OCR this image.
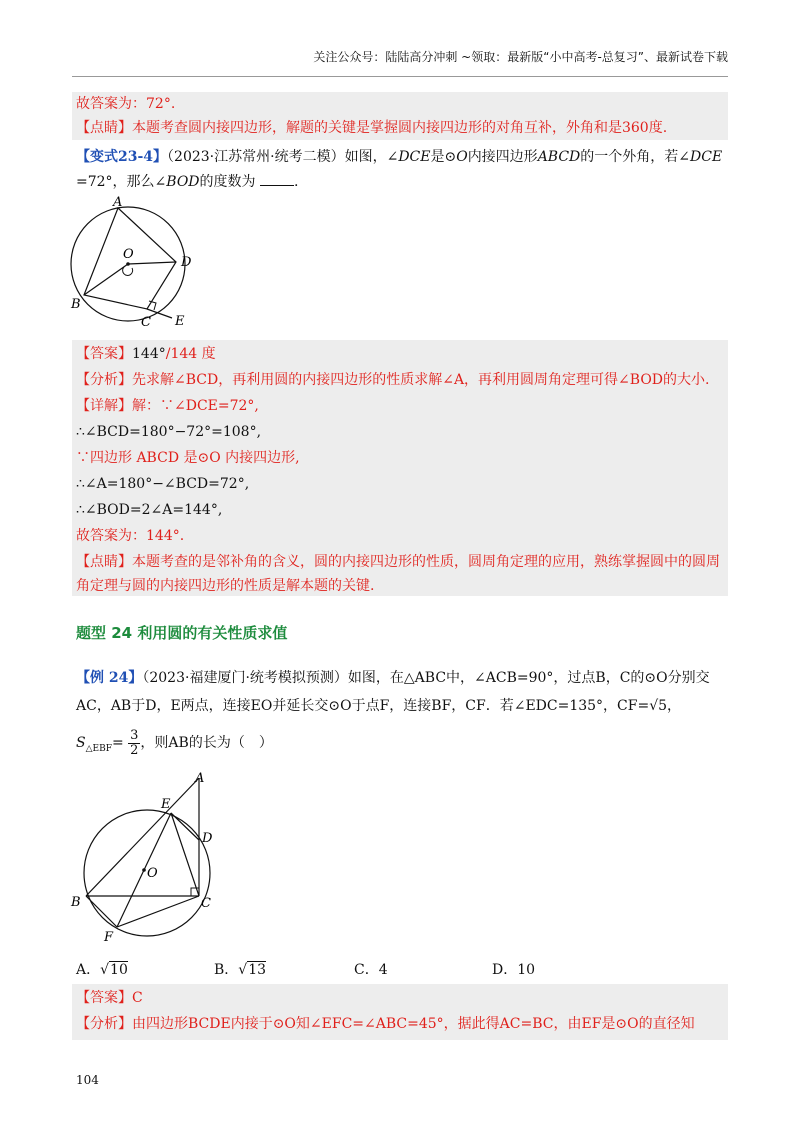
关注公众号：陆陆高分冲刺 ~领取：最新版“小中高考-总复习”、最新试卷下载
故答案为：72°.
【点睛】本题考查圆内接四边形，解题的关键是掌握圆内接四边形的对角互补，外角和是360度.
【变式23-4】（2023·江苏常州·统考二模）如图，∠DCE是⊙O内接四边形ABCD的一个外角，若∠DCE
=72°，那么∠BOD的度数为	.
A
O
D
B
C E
【答案】144°/144 度
【分析】先求解∠BCD，再利用圆的内接四边形的性质求解∠A，再利用圆周角定理可得∠BOD的大小.
【详解】解：∵∠DCE=72°,
∴∠BCD=180°−72°=108°,
∵四边形 ABCD 是⊙O 内接四边形,
∴∠A=180°−∠BCD=72°,
∴∠BOD=2∠A=144°,
故答案为：144°.
【点睛】本题考查的是邻补角的含义，圆的内接四边形的性质，圆周角定理的应用，熟练掌握圆中的圆周
角定理与圆的内接四边形的性质是解本题的关键.
题型 24 利用圆的有关性质求值
【例 24】（2023·福建厦门·统考模拟预测）如图，在△ABC中，∠ACB=90°，过点B，C的⊙O分别交
AC，AB于D，E两点，连接EO并延长交⊙O于点F，连接BF，CF．若∠EDC=135°，CF=√5，
$S_{\triangle EBF}= \frac{3}{2}$ ，则AB的长为（　）
A
E
D
O
B	C
F
A．√10	B．√13	C．4	D．10
【答案】C
【分析】由四边形BCDE内接于⊙O知∠EFC=∠ABC=45°，据此得AC=BC，由EF是⊙O的直径知
104
